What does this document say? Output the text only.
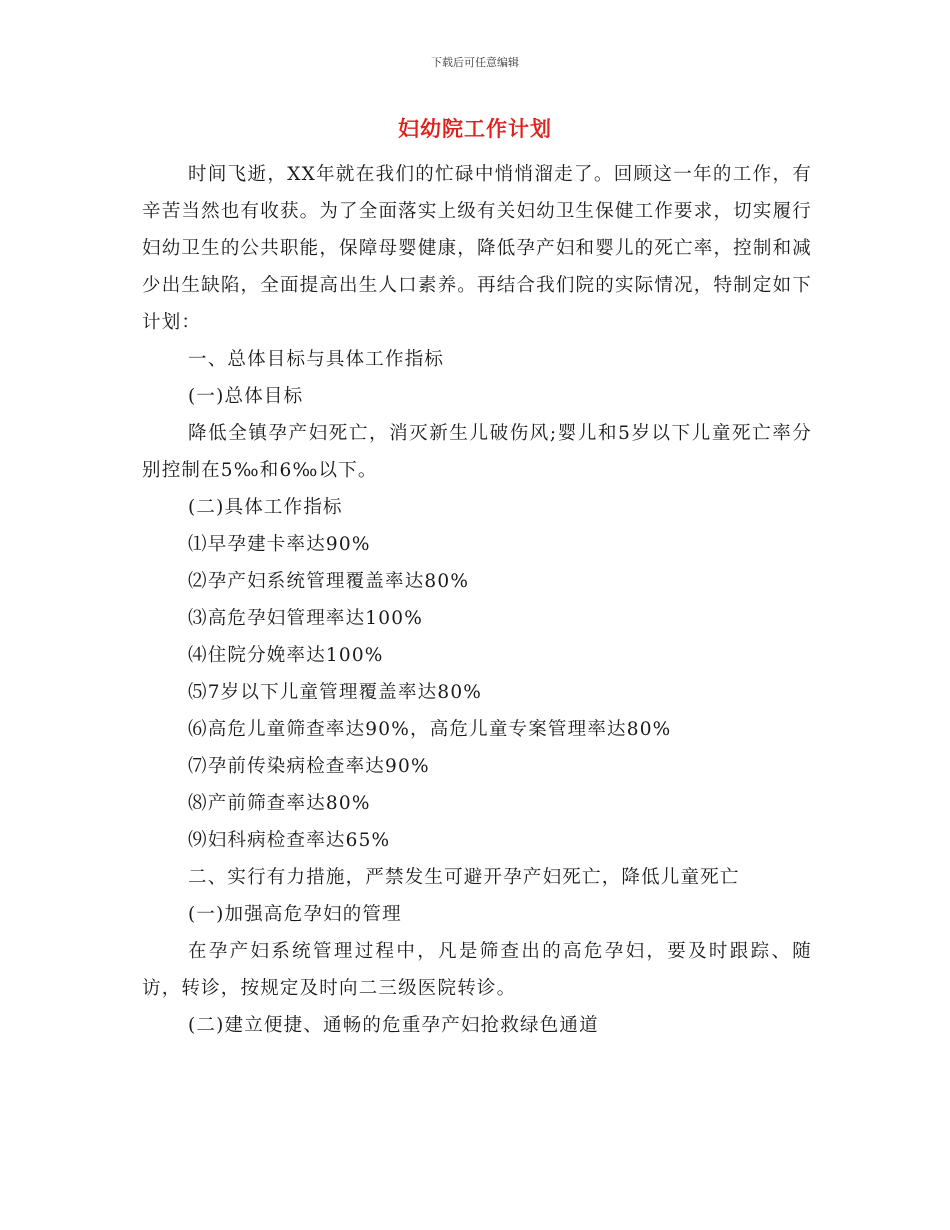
下载后可任意编辑
妇幼院工作计划

时间飞逝，XX年就在我们的忙碌中悄悄溜走了。回顾这一年的工作，有辛苦当然也有收获。为了全面落实上级有关妇幼卫生保健工作要求，切实履行妇幼卫生的公共职能，保障母婴健康，降低孕产妇和婴儿的死亡率，控制和减少出生缺陷，全面提高出生人口素养。再结合我们院的实际情况，特制定如下计划：

一、总体目标与具体工作指标

(一)总体目标

降低全镇孕产妇死亡，消灭新生儿破伤风;婴儿和5岁以下儿童死亡率分别控制在5‰和6‰以下。

(二)具体工作指标

⑴早孕建卡率达90%

⑵孕产妇系统管理覆盖率达80%

⑶高危孕妇管理率达100%

⑷住院分娩率达100%

⑸7岁以下儿童管理覆盖率达80%

⑹高危儿童筛查率达90%，高危儿童专案管理率达80%

⑺孕前传染病检查率达90%

⑻产前筛查率达80%

⑼妇科病检查率达65%

二、实行有力措施，严禁发生可避开孕产妇死亡，降低儿童死亡

(一)加强高危孕妇的管理

在孕产妇系统管理过程中，凡是筛查出的高危孕妇，要及时跟踪、随访，转诊，按规定及时向二三级医院转诊。

(二)建立便捷、通畅的危重孕产妇抢救绿色通道
